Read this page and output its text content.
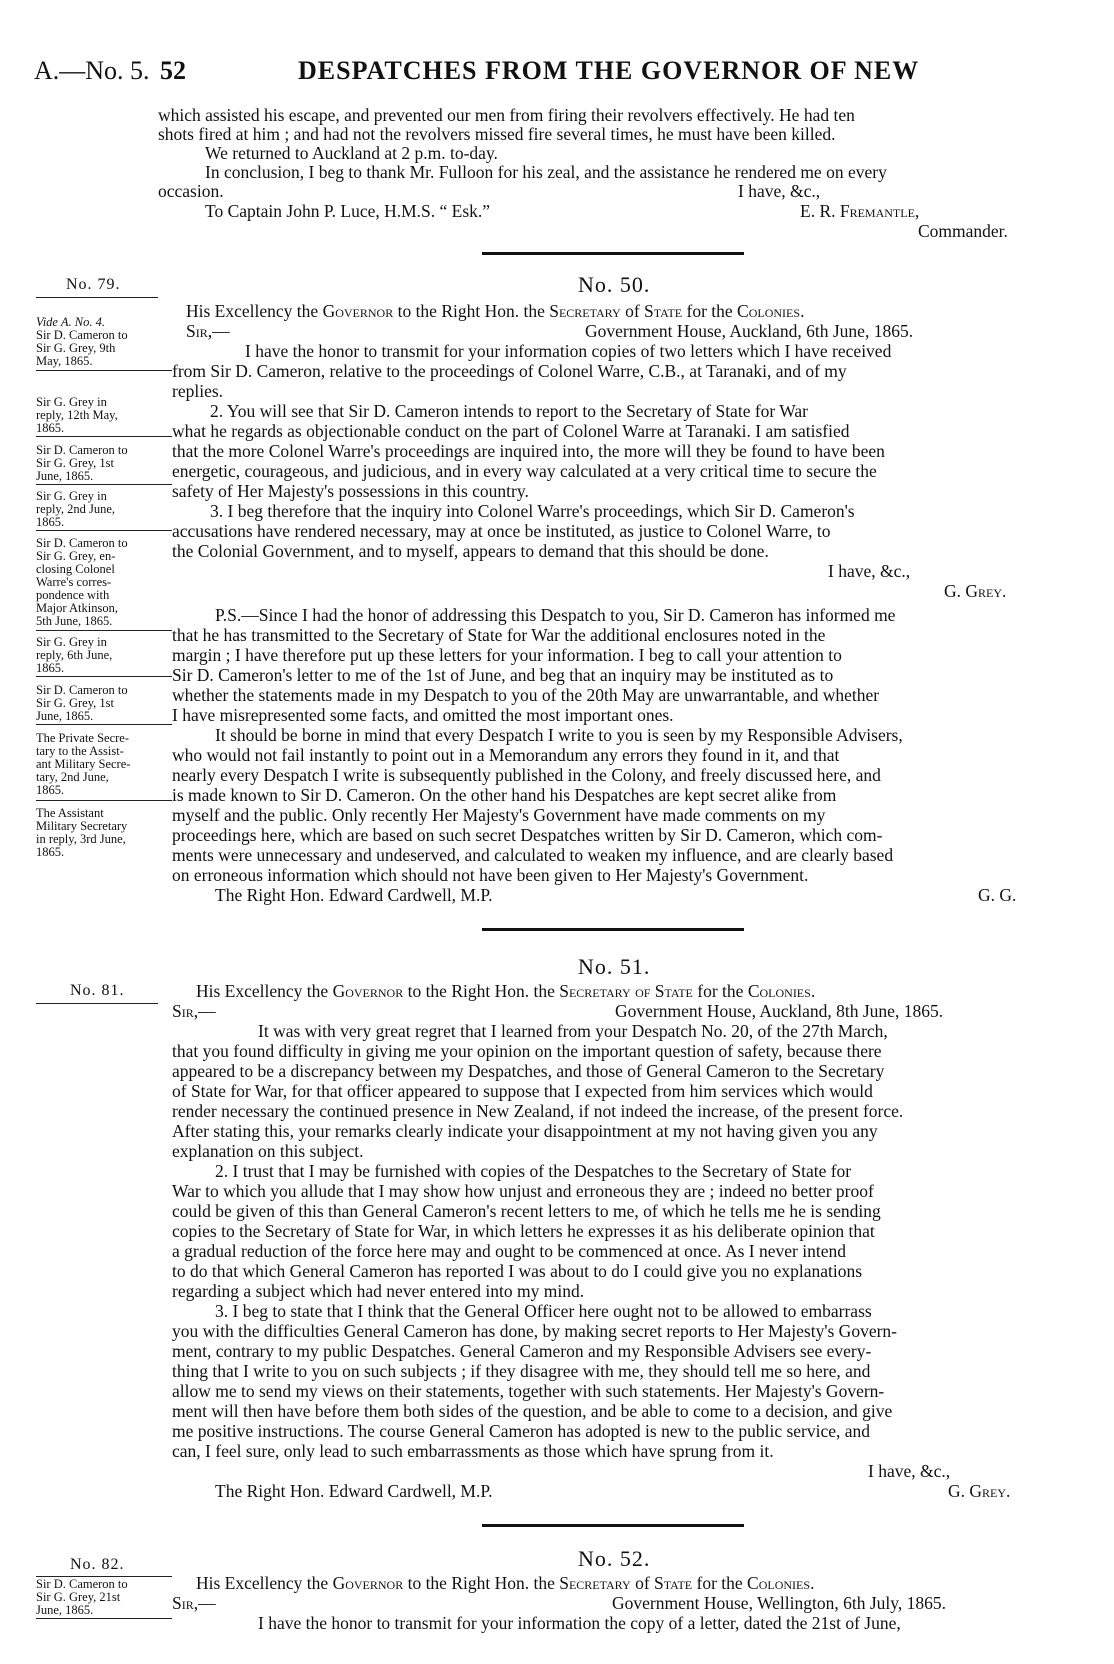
A.—No. 5. 52	DESPATCHES FROM THE GOVERNOR OF NEW
which assisted his escape, and prevented our men from firing their revolvers effectively. He had ten
shots fired at him ; and had not the revolvers missed fire several times, he must have been killed.
We returned to Auckland at 2 p.m. to-day.
In conclusion, I beg to thank Mr. Fulloon for his zeal, and the assistance he rendered me on every
occasion.	I have, &c.,
To Captain John P. Luce, H.M.S. “ Esk.”	E. R. Fremantle,
Commander.
No. 79.	No. 50.
His Excellency the Governor to the Right Hon. the Secretary of State for the Colonies.
Sir,—	Government House, Auckland, 6th June, 1865.
I have the honor to transmit for your information copies of two letters which I have received
from Sir D. Cameron, relative to the proceedings of Colonel Warre, C.B., at Taranaki, and of my
replies.
2. You will see that Sir D. Cameron intends to report to the Secretary of State for War
what he regards as objectionable conduct on the part of Colonel Warre at Taranaki. I am satisfied
that the more Colonel Warre's proceedings are inquired into, the more will they be found to have been
energetic, courageous, and judicious, and in every way calculated at a very critical time to secure the
safety of Her Majesty's possessions in this country.
3. I beg therefore that the inquiry into Colonel Warre's proceedings, which Sir D. Cameron's
accusations have rendered necessary, may at once be instituted, as justice to Colonel Warre, to
the Colonial Government, and to myself, appears to demand that this should be done.
I have, &c.,
G. Grey.
P.S.—Since I had the honor of addressing this Despatch to you, Sir D. Cameron has informed me
that he has transmitted to the Secretary of State for War the additional enclosures noted in the
margin ; I have therefore put up these letters for your information. I beg to call your attention to
Sir D. Cameron's letter to me of the 1st of June, and beg that an inquiry may be instituted as to
whether the statements made in my Despatch to you of the 20th May are unwarrantable, and whether
I have misrepresented some facts, and omitted the most important ones.
It should be borne in mind that every Despatch I write to you is seen by my Responsible Advisers,
who would not fail instantly to point out in a Memorandum any errors they found in it, and that
nearly every Despatch I write is subsequently published in the Colony, and freely discussed here, and
is made known to Sir D. Cameron. On the other hand his Despatches are kept secret alike from
myself and the public. Only recently Her Majesty's Government have made comments on my
proceedings here, which are based on such secret Despatches written by Sir D. Cameron, which com-
ments were unnecessary and undeserved, and calculated to weaken my influence, and are clearly based
on erroneous information which should not have been given to Her Majesty's Government.
The Right Hon. Edward Cardwell, M.P.	G. G.
Vide A. No. 4.
Sir D. Cameron to
Sir G. Grey, 9th
May, 1865.
Sir G. Grey in
reply, 12th May,
1865.
Sir D. Cameron to
Sir G. Grey, 1st
June, 1865.
Sir G. Grey in
reply, 2nd June,
1865.
Sir D. Cameron to
Sir G. Grey, en-
closing Colonel
Warre's corres-
pondence with
Major Atkinson,
5th June, 1865.
Sir G. Grey in
reply, 6th June,
1865.
Sir D. Cameron to
Sir G. Grey, 1st
June, 1865.
The Private Secre-
tary to the Assist-
ant Military Secre-
tary, 2nd June,
1865.
The Assistant
Military Secretary
in reply, 3rd June,
1865.
No. 81.
No. 51.
His Excellency the Governor to the Right Hon. the Secretary of State for the Colonies.
Sir,—	Government House, Auckland, 8th June, 1865.
It was with very great regret that I learned from your Despatch No. 20, of the 27th March,
that you found difficulty in giving me your opinion on the important question of safety, because there
appeared to be a discrepancy between my Despatches, and those of General Cameron to the Secretary
of State for War, for that officer appeared to suppose that I expected from him services which would
render necessary the continued presence in New Zealand, if not indeed the increase, of the present force.
After stating this, your remarks clearly indicate your disappointment at my not having given you any
explanation on this subject.
2. I trust that I may be furnished with copies of the Despatches to the Secretary of State for
War to which you allude that I may show how unjust and erroneous they are ; indeed no better proof
could be given of this than General Cameron's recent letters to me, of which he tells me he is sending
copies to the Secretary of State for War, in which letters he expresses it as his deliberate opinion that
a gradual reduction of the force here may and ought to be commenced at once. As I never intend
to do that which General Cameron has reported I was about to do I could give you no explanations
regarding a subject which had never entered into my mind.
3. I beg to state that I think that the General Officer here ought not to be allowed to embarrass
you with the difficulties General Cameron has done, by making secret reports to Her Majesty's Govern-
ment, contrary to my public Despatches. General Cameron and my Responsible Advisers see every-
thing that I write to you on such subjects ; if they disagree with me, they should tell me so here, and
allow me to send my views on their statements, together with such statements. Her Majesty's Govern-
ment will then have before them both sides of the question, and be able to come to a decision, and give
me positive instructions. The course General Cameron has adopted is new to the public service, and
can, I feel sure, only lead to such embarrassments as those which have sprung from it.
I have, &c.,
The Right Hon. Edward Cardwell, M.P.	G. Grey.
No. 82.	No. 52.
Sir D. Cameron to
Sir G. Grey, 21st
June, 1865.
His Excellency the Governor to the Right Hon. the Secretary of State for the Colonies.
Sir,—	Government House, Wellington, 6th July, 1865.
I have the honor to transmit for your information the copy of a letter, dated the 21st of June,
